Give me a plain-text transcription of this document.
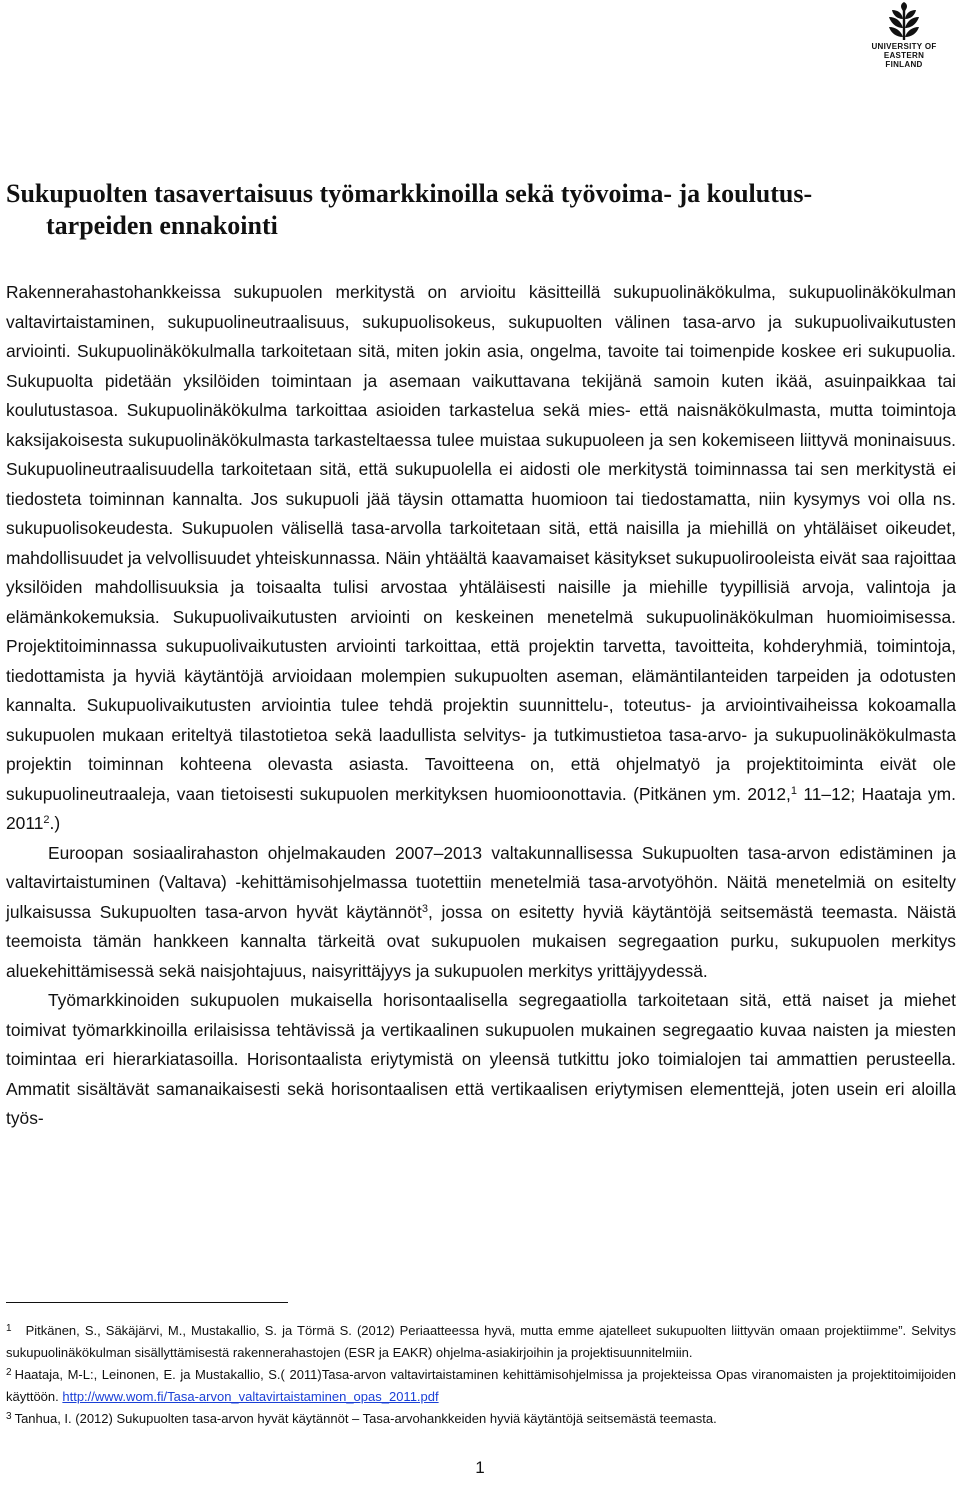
UNIVERSITY OF
EASTERN FINLAND
Sukupuolten tasavertaisuus työmarkkinoilla sekä työvoima- ja koulutus-
tarpeiden ennakointi

Rakennerahastohankkeissa sukupuolen merkitystä on arvioitu käsitteillä sukupuolinäkökulma, sukupuolinäkökulman valtavirtaistaminen, sukupuolineutraalisuus, sukupuolisokeus, sukupuolten välinen tasa-arvo ja sukupuolivaikutusten arviointi. Sukupuolinäkökulmalla tarkoitetaan sitä, miten jokin asia, ongelma, tavoite tai toimenpide koskee eri sukupuolia. Sukupuolta pidetään yksilöiden toimintaan ja asemaan vaikuttavana tekijänä samoin kuten ikää, asuinpaikkaa tai koulutustasoa. Sukupuolinäkökulma tarkoittaa asioiden tarkastelua sekä mies- että naisnäkökulmasta, mutta toimintoja kaksijakoisesta sukupuolinäkökulmasta tarkasteltaessa tulee muistaa sukupuoleen ja sen kokemiseen liittyvä moninaisuus. Sukupuolineutraalisuudella tarkoitetaan sitä, että sukupuolella ei aidosti ole merkitystä toiminnassa tai sen merkitystä ei tiedosteta toiminnan kannalta. Jos sukupuoli jää täysin ottamatta huomioon tai tiedostamatta, niin kysymys voi olla ns. sukupuolisokeudesta. Sukupuolen välisellä tasa-arvolla tarkoitetaan sitä, että naisilla ja miehillä on yhtäläiset oikeudet, mahdollisuudet ja velvollisuudet yhteiskunnassa. Näin yhtäältä kaavamaiset käsitykset sukupuolirooleista eivät saa rajoittaa yksilöiden mahdollisuuksia ja toisaalta tulisi arvostaa yhtäläisesti naisille ja miehille tyypillisiä arvoja, valintoja ja elämänkokemuksia. Sukupuolivaikutusten arviointi on keskeinen menetelmä sukupuolinäkökulman huomioimisessa. Projektitoiminnassa sukupuolivaikutusten arviointi tarkoittaa, että projektin tarvetta, tavoitteita, kohderyhmiä, toimintoja, tiedottamista ja hyviä käytäntöjä arvioidaan molempien sukupuolten aseman, elämäntilanteiden tarpeiden ja odotusten kannalta. Sukupuolivaikutusten arviointia tulee tehdä projektin suunnittelu-, toteutus- ja arviointivaiheissa kokoamalla sukupuolen mukaan eriteltyä tilastotietoa sekä laadullista selvitys- ja tutkimustietoa tasa-arvo- ja sukupuolinäkökulmasta projektin toiminnan kohteena olevasta asiasta. Tavoitteena on, että ohjelmatyö ja projektitoiminta eivät ole sukupuolineutraaleja, vaan tietoisesti sukupuolen merkityksen huomioonottavia. (Pitkänen ym. 2012,$^1$ 11–12; Haataja ym. 2011$^2$.)

Euroopan sosiaalirahaston ohjelmakauden 2007–2013 valtakunnallisessa Sukupuolten tasa-arvon edistäminen ja valtavirtaistuminen (Valtava) -kehittämisohjelmassa tuotettiin menetelmiä tasa-arvotyöhön. Näitä menetelmiä on esitelty julkaisussa Sukupuolten tasa-arvon hyvät käytännöt$^3$, jossa on esitetty hyviä käytäntöjä seitsemästä teemasta. Näistä teemoista tämän hankkeen kannalta tärkeitä ovat sukupuolen mukaisen segregaation purku, sukupuolen merkitys aluekehittämisessä sekä naisjohtajuus, naisyrittäjyys ja sukupuolen merkitys yrittäjyydessä.

Työmarkkinoiden sukupuolen mukaisella horisontaalisella segregaatiolla tarkoitetaan sitä, että naiset ja miehet toimivat työmarkkinoilla erilaisissa tehtävissä ja vertikaalinen sukupuolen mukainen segregaatio kuvaa naisten ja miesten toimintaa eri hierarkiatasoilla. Horisontaalista eriytymistä on yleensä tutkittu joko toimialojen tai ammattien perusteella. Ammatit sisältävät samanaikaisesti sekä horisontaalisen että vertikaalisen eriytymisen elementtejä, joten usein eri aloilla työs-

$^1$ Pitkänen, S., Säkäjärvi, M., Mustakallio, S. ja Törmä S. (2012) Periaatteessa hyvä, mutta emme ajatelleet sukupuolten liittyvän omaan projektiimme”. Selvitys sukupuolinäkökulman sisällyttämisestä rakennerahastojen (ESR ja EAKR) ohjelma-asiakirjoihin ja projektisuunnitelmiin.

$^2$ Haataja, M-L:, Leinonen, E. ja Mustakallio, S.( 2011)Tasa-arvon valtavirtaistaminen kehittämisohjelmissa ja projekteissa Opas viranomaisten ja projektitoimijoiden käyttöön. http://www.wom.fi/Tasa-arvon_valtavirtaistaminen_opas_2011.pdf

$^3$ Tanhua, I. (2012) Sukupuolten tasa-arvon hyvät käytännöt – Tasa-arvohankkeiden hyviä käytäntöjä seitsemästä teemasta.

1
